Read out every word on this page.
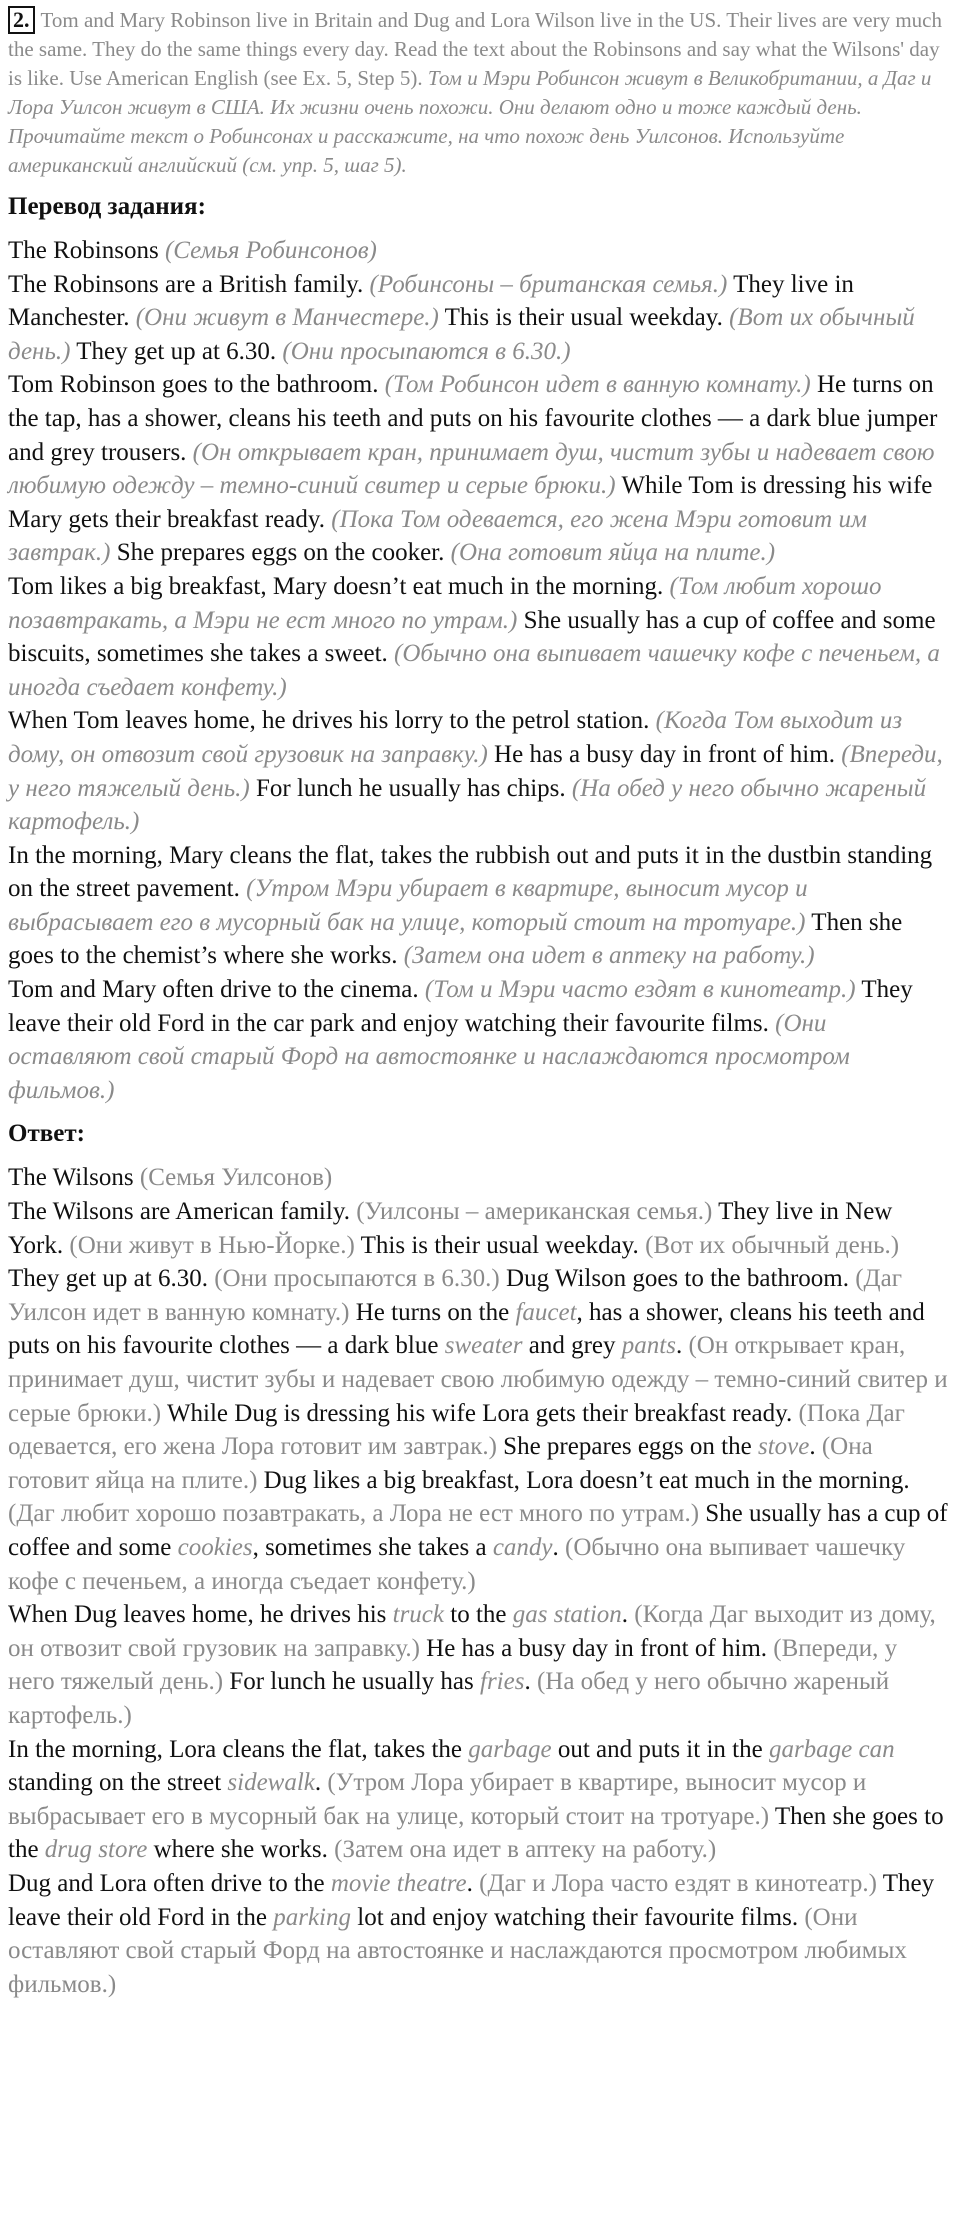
2. Tom and Mary Robinson live in Britain and Dug and Lora Wilson live in the US. Their lives are very much the same. They do the same things every day. Read the text about the Robinsons and say what the Wilsons' day is like. Use American English (see Ex. 5, Step 5). Том и Мэри Робинсон живут в Великобритании, а Даг и Лора Уилсон живут в США. Их жизни очень похожи. Они делают одно и тоже каждый день. Прочитайте текст о Робинсонах и расскажите, на что похож день Уилсонов. Используйте американский английский (см. упр. 5, шаг 5).

Перевод задания:

The Robinsons (Семья Робинсонов)

The Robinsons are a British family. (Робинсоны – британская семья.) They live in Manchester. (Они живут в Манчестере.) This is their usual weekday. (Вот их обычный день.) They get up at 6.30. (Они просыпаются в 6.30.)

Tom Robinson goes to the bathroom. (Том Робинсон идет в ванную комнату.) He turns on the tap, has a shower, cleans his teeth and puts on his favourite clothes — a dark blue jumper and grey trousers. (Он открывает кран, принимает душ, чистит зубы и надевает свою любимую одежду – темно-синий свитер и серые брюки.) While Tom is dressing his wife Mary gets their breakfast ready. (Пока Том одевается, его жена Мэри готовит им завтрак.) She prepares eggs on the cooker. (Она готовит яйца на плите.)

Tom likes a big breakfast, Mary doesn’t eat much in the morning. (Том любит хорошо позавтракать, а Мэри не ест много по утрам.) She usually has a cup of coffee and some biscuits, sometimes she takes a sweet. (Обычно она выпивает чашечку кофе с печеньем, а иногда съедает конфету.)

When Tom leaves home, he drives his lorry to the petrol station. (Когда Том выходит из дому, он отвозит свой грузовик на заправку.) He has a busy day in front of him. (Впереди, у него тяжелый день.) For lunch he usually has chips. (На обед у него обычно жареный картофель.)

In the morning, Mary cleans the flat, takes the rubbish out and puts it in the dustbin standing on the street pavement. (Утром Мэри убирает в квартире, выносит мусор и выбрасывает его в мусорный бак на улице, который стоит на тротуаре.) Then she goes to the chemist’s where she works. (Затем она идет в аптеку на работу.)

Tom and Mary often drive to the cinema. (Том и Мэри часто ездят в кинотеатр.) They leave their old Ford in the car park and enjoy watching their favourite films. (Они оставляют свой старый Форд на автостоянке и наслаждаются просмотром фильмов.)

Ответ:

The Wilsons (Семья Уилсонов)

The Wilsons are American family. (Уилсоны – американская семья.) They live in New York. (Они живут в Нью-Йорке.) This is their usual weekday. (Вот их обычный день.) They get up at 6.30. (Они просыпаются в 6.30.) Dug Wilson goes to the bathroom. (Даг Уилсон идет в ванную комнату.) He turns on the faucet, has a shower, cleans his teeth and puts on his favourite clothes — a dark blue sweater and grey pants. (Он открывает кран, принимает душ, чистит зубы и надевает свою любимую одежду – темно-синий свитер и серые брюки.) While Dug is dressing his wife Lora gets their breakfast ready. (Пока Даг одевается, его жена Лора готовит им завтрак.) She prepares eggs on the stove. (Она готовит яйца на плите.) Dug likes a big breakfast, Lora doesn’t eat much in the morning. (Даг любит хорошо позавтракать, а Лора не ест много по утрам.) She usually has a cup of coffee and some cookies, sometimes she takes a candy. (Обычно она выпивает чашечку кофе с печеньем, а иногда съедает конфету.)

When Dug leaves home, he drives his truck to the gas station. (Когда Даг выходит из дому, он отвозит свой грузовик на заправку.) He has a busy day in front of him. (Впереди, у него тяжелый день.) For lunch he usually has fries. (На обед у него обычно жареный картофель.)

In the morning, Lora cleans the flat, takes the garbage out and puts it in the garbage can standing on the street sidewalk. (Утром Лора убирает в квартире, выносит мусор и выбрасывает его в мусорный бак на улице, который стоит на тротуаре.) Then she goes to the drug store where she works. (Затем она идет в аптеку на работу.)

Dug and Lora often drive to the movie theatre. (Даг и Лора часто ездят в кинотеатр.) They leave their old Ford in the parking lot and enjoy watching their favourite films. (Они оставляют свой старый Форд на автостоянке и наслаждаются просмотром любимых фильмов.)
